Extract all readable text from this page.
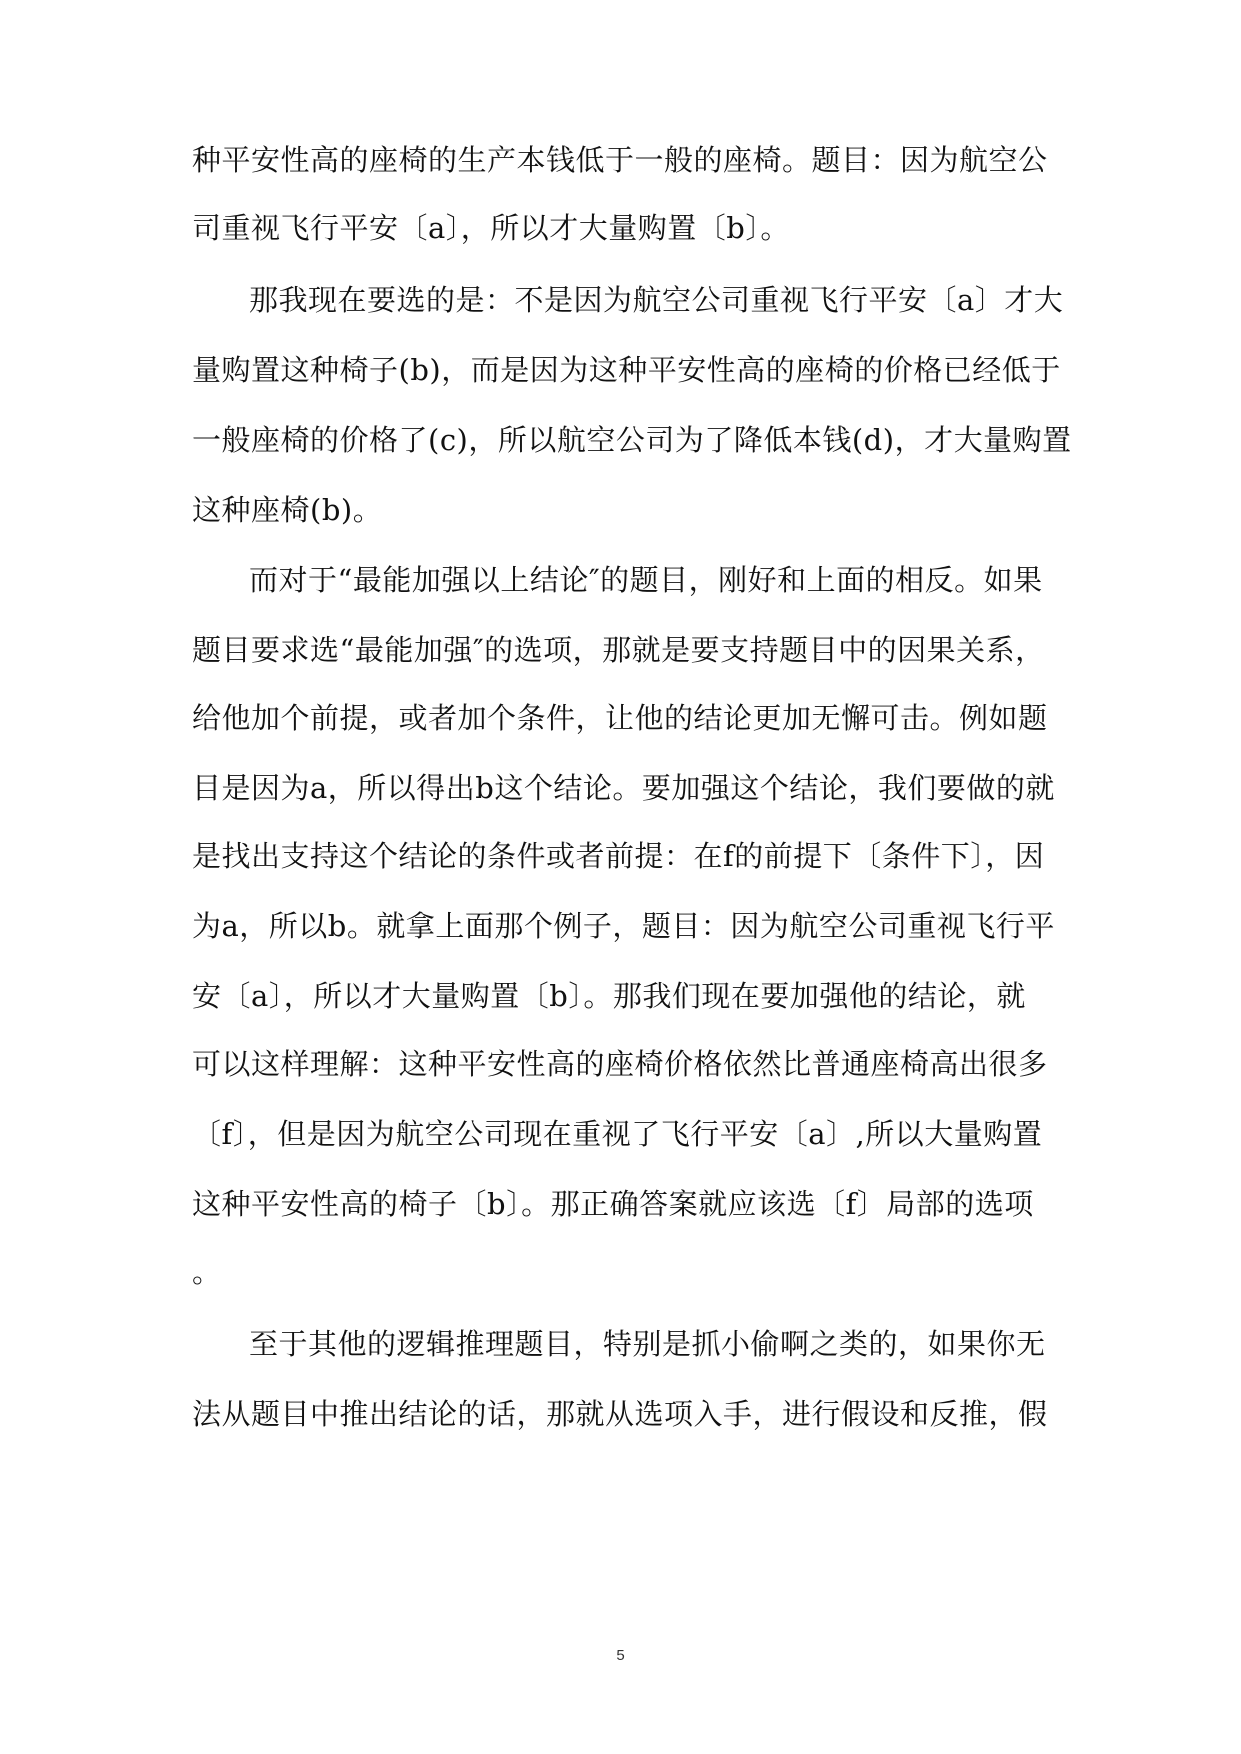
种平安性高的座椅的生产本钱低于一般的座椅。题目：因为航空公
司重视飞行平安〔a〕，所以才大量购置〔b〕。
那我现在要选的是：不是因为航空公司重视飞行平安〔a〕才大
量购置这种椅子(b)，而是因为这种平安性高的座椅的价格已经低于
一般座椅的价格了(c)，所以航空公司为了降低本钱(d)，才大量购置
这种座椅(b)。
而对于“最能加强以上结论″的题目，刚好和上面的相反。如果
题目要求选“最能加强″的选项，那就是要支持题目中的因果关系，
给他加个前提，或者加个条件，让他的结论更加无懈可击。例如题
目是因为a，所以得出b这个结论。要加强这个结论，我们要做的就
是找出支持这个结论的条件或者前提：在f的前提下〔条件下〕，因
为a，所以b。就拿上面那个例子，题目：因为航空公司重视飞行平
安〔a〕，所以才大量购置〔b〕。那我们现在要加强他的结论，就
可以这样理解：这种平安性高的座椅价格依然比普通座椅高出很多
〔f〕，但是因为航空公司现在重视了飞行平安〔a〕,所以大量购置
这种平安性高的椅子〔b〕。那正确答案就应该选〔f〕局部的选项
。
至于其他的逻辑推理题目，特别是抓小偷啊之类的，如果你无
法从题目中推出结论的话，那就从选项入手，进行假设和反推，假
5
